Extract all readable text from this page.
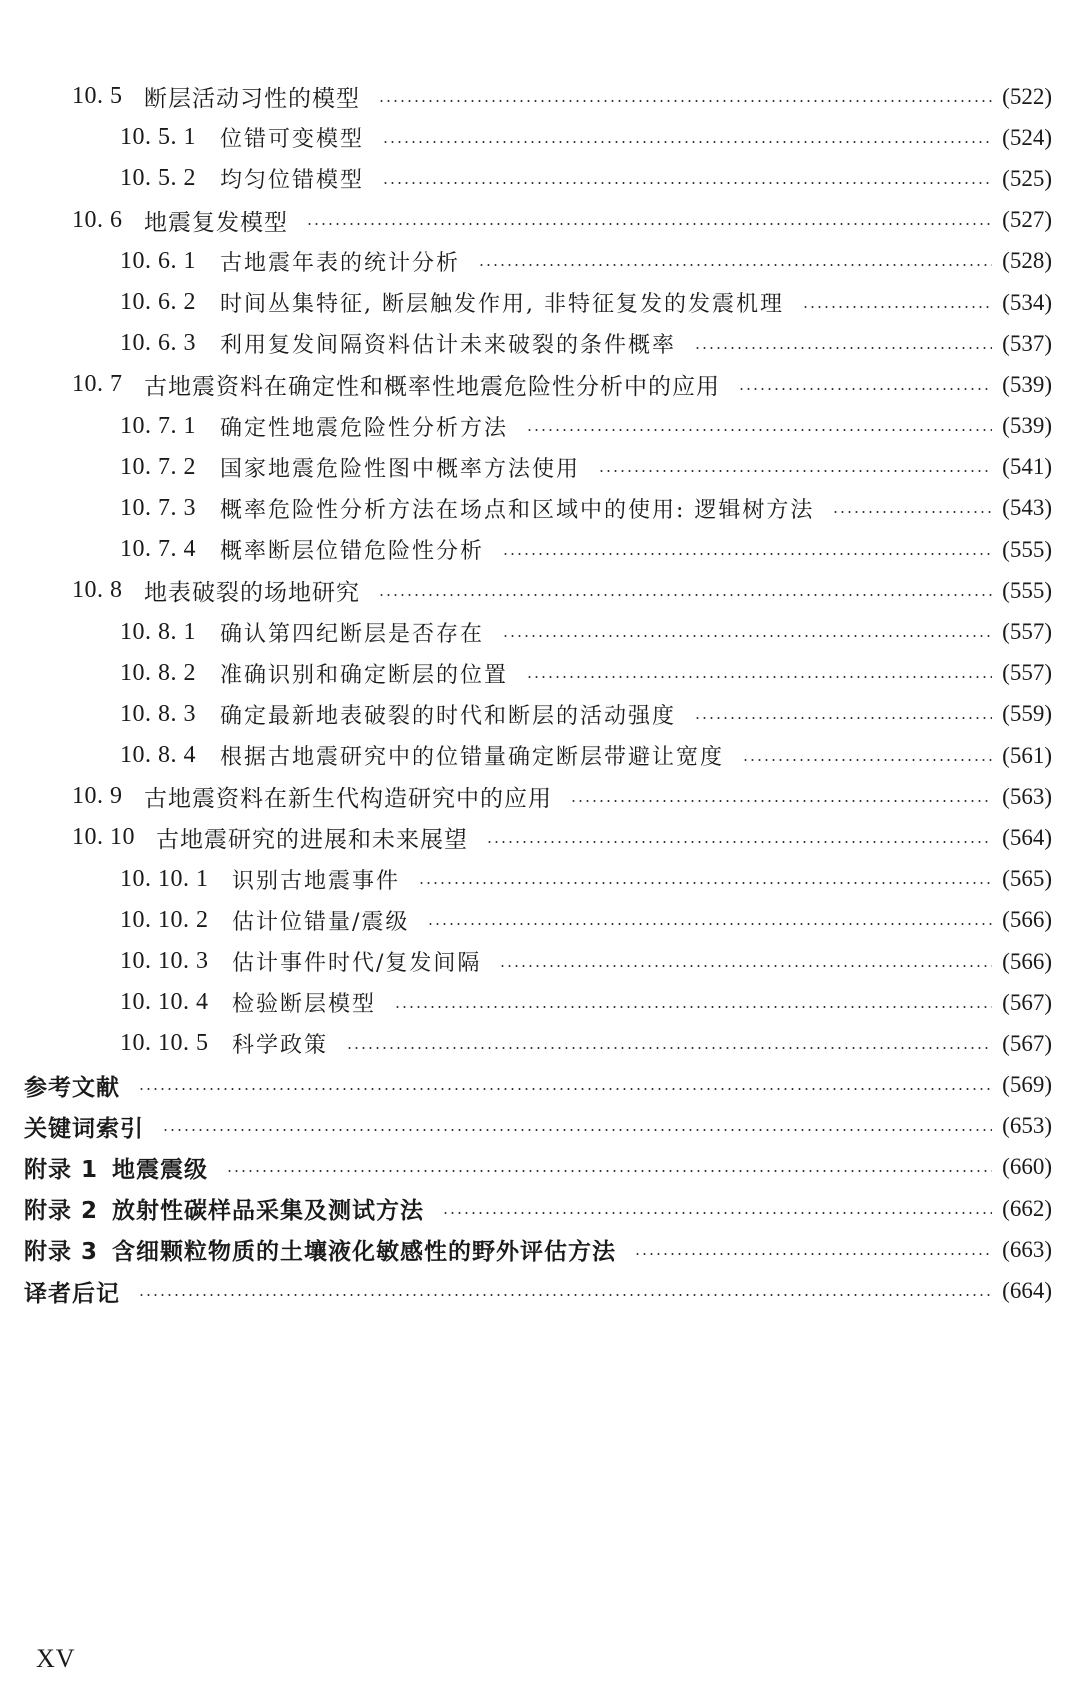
10. 5 断层活动习性的模型	(522)
10. 5. 1	位错可变模型	(524)
10. 5. 2	均匀位错模型	(525)
10. 6 地震复发模型	(527)
10. 6. 1	古地震年表的统计分析	(528)
10. 6. 2	时间丛集特征, 断层触发作用, 非特征复发的发震机理	(534)
10. 6. 3	利用复发间隔资料估计未来破裂的条件概率	(537)
10. 7 古地震资料在确定性和概率性地震危险性分析中的应用	(539)
10. 7. 1	确定性地震危险性分析方法	(539)
10. 7. 2	国家地震危险性图中概率方法使用	(541)
10. 7. 3	概率危险性分析方法在场点和区域中的使用: 逻辑树方法	(543)
10. 7. 4	概率断层位错危险性分析	(555)
10. 8 地表破裂的场地研究	(555)
10. 8. 1	确认第四纪断层是否存在	(557)
10. 8. 2	准确识别和确定断层的位置	(557)
10. 8. 3	确定最新地表破裂的时代和断层的活动强度	(559)
10. 8. 4	根据古地震研究中的位错量确定断层带避让宽度	(561)
10. 9 古地震资料在新生代构造研究中的应用	(563)
10. 10 古地震研究的进展和未来展望	(564)
10. 10. 1	识别古地震事件	(565)
10. 10. 2	估计位错量/震级	(566)
10. 10. 3	估计事件时代/复发间隔	(566)
10. 10. 4	检验断层模型	(567)
10. 10. 5	科学政策	(567)
参考文献	(569)
关键词索引	(653)
附录 1 地震震级	(660)
附录 2 放射性碳样品采集及测试方法	(662)
附录 3 含细颗粒物质的土壤液化敏感性的野外评估方法	(663)
译者后记	(664)
XV
